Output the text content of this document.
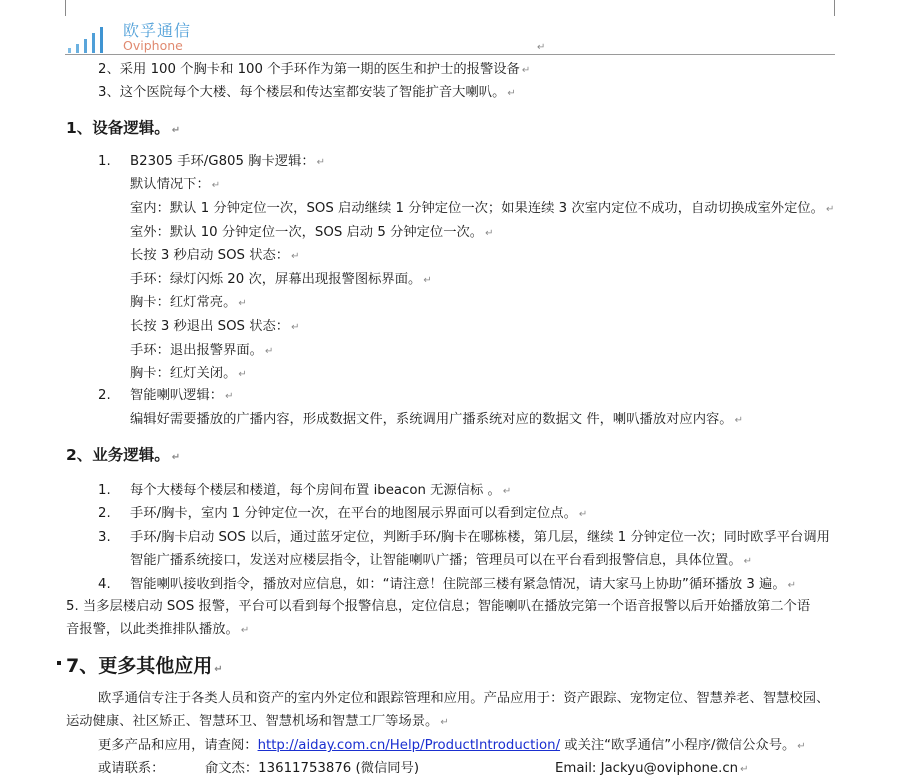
欧孚通信
Oviphone	↵
2、采用 100 个胸卡和 100 个手环作为第一期的医生和护士的报警设备 ↵
3、这个医院每个大楼、每个楼层和传达室都安装了智能扩音大喇叭。 ↵
1、设备逻辑。 ↵
1. B2305 手环/G805 胸卡逻辑： ↵
默认情况下： ↵
室内：默认 1 分钟定位一次，SOS 启动继续 1 分钟定位一次；如果连续 3 次室内定位不成功，自动切换成室外定位。 ↵
室外：默认 10 分钟定位一次，SOS 启动 5 分钟定位一次。 ↵
长按 3 秒启动 SOS 状态： ↵
手环：绿灯闪烁 20 次，屏幕出现报警图标界面。 ↵
胸卡：红灯常亮。 ↵
长按 3 秒退出 SOS 状态： ↵
手环：退出报警界面。 ↵
胸卡：红灯关闭。 ↵
2. 智能喇叭逻辑： ↵
编辑好需要播放的广播内容，形成数据文件，系统调用广播系统对应的数据文 件，喇叭播放对应内容。 ↵
2、业务逻辑。 ↵
1. 每个大楼每个楼层和楼道，每个房间布置 ibeacon 无源信标 。 ↵
2. 手环/胸卡，室内 1 分钟定位一次，在平台的地图展示界面可以看到定位点。 ↵
3. 手环/胸卡启动 SOS 以后，通过蓝牙定位，判断手环/胸卡在哪栋楼，第几层，继续 1 分钟定位一次；同时欧孚平台调用
智能广播系统接口，发送对应楼层指令，让智能喇叭广播；管理员可以在平台看到报警信息，具体位置。 ↵
4. 智能喇叭接收到指令，播放对应信息，如：“请注意！住院部三楼有紧急情况，请大家马上协助”循环播放 3 遍。 ↵
5. 当多层楼启动 SOS 报警，平台可以看到每个报警信息，定位信息；智能喇叭在播放完第一个语音报警以后开始播放第二个语
音报警，以此类推排队播放。 ↵
7、更多其他应用 ↵
欧孚通信专注于各类人员和资产的室内外定位和跟踪管理和应用。产品应用于：资产跟踪、宠物定位、智慧养老、智慧校园、
运动健康、社区矫正、智慧环卫、智慧机场和智慧工厂等场景。 ↵
更多产品和应用，请查阅：http://aiday.com.cn/Help/ProductIntroduction/ 或关注“欧孚通信”小程序/微信公众号。 ↵
或请联系：	俞文杰：13611753876 (微信同号)	Email: Jackyu@oviphone.cn ↵
